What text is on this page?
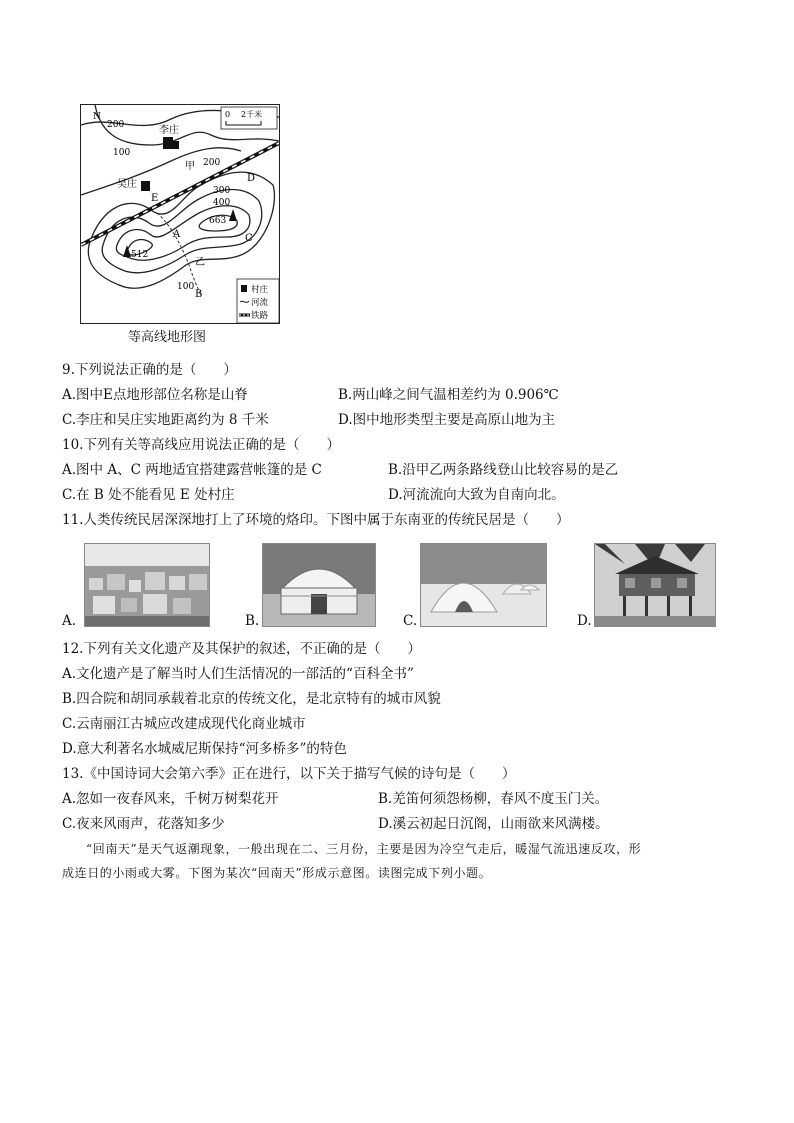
N
李庄
吴庄
200
100
100
200
300
400
甲
乙
A
B
C
D
E
663
512
0 2千米
村庄
河流
铁路
等高线地形图
9.下列说法正确的是（　　）
A.图中E点地形部位名称是山脊	B.两山峰之间气温相差约为 0.906℃
C.李庄和吴庄实地距离约为 8 千米	D.图中地形类型主要是高原山地为主
10.下列有关等高线应用说法正确的是（　　）
A.图中 A、C 两地适宜搭建露营帐篷的是 C	B.沿甲乙两条路线登山比较容易的是乙
C.在 B 处不能看见 E 处村庄	D.河流流向大致为自南向北。
11.人类传统民居深深地打上了环境的烙印。下图中属于东南亚的传统民居是（　　）
A.	B.	C.	D.
12.下列有关文化遗产及其保护的叙述，不正确的是（　　）
A.文化遗产是了解当时人们生活情况的一部活的“百科全书”
B.四合院和胡同承载着北京的传统文化，是北京特有的城市风貌
C.云南丽江古城应改建成现代化商业城市
D.意大利著名水城威尼斯保持“河多桥多”的特色
13.《中国诗词大会第六季》正在进行，以下关于描写气候的诗句是（　　）
A.忽如一夜春风来，千树万树梨花开	B.羌笛何须怨杨柳，春风不度玉门关。
C.夜来风雨声，花落知多少	D.溪云初起日沉阁，山雨欲来风满楼。
“回南天”是天气返潮现象，一般出现在二、三月份，主要是因为冷空气走后，暖湿气流迅速反攻，形
成连日的小雨或大雾。下图为某次“回南天”形成示意图。读图完成下列小题。
